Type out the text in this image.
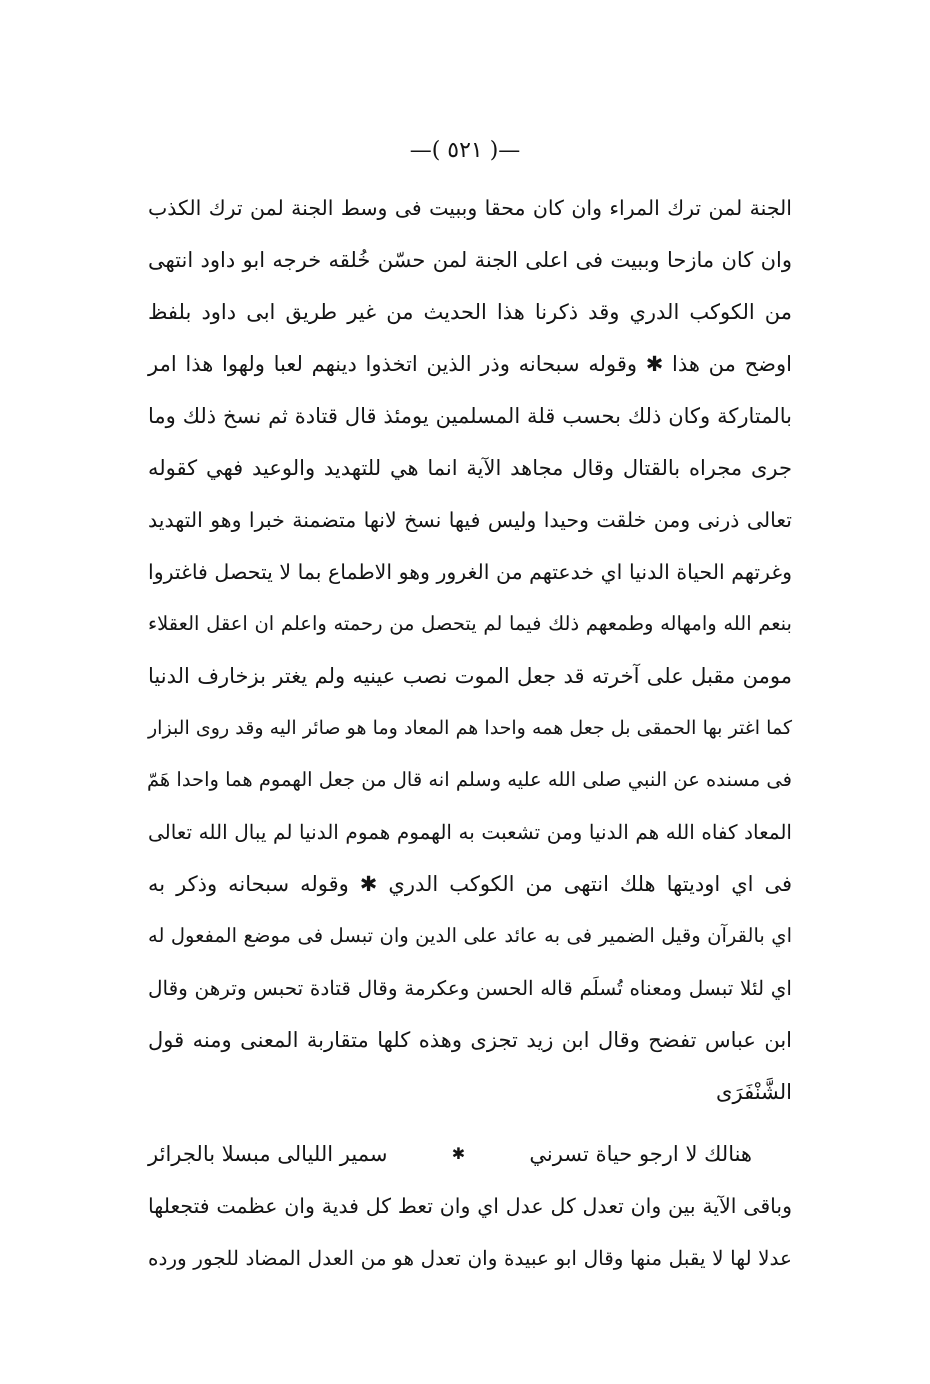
—( ٥٢١ )—
الجنة لمن ترك المراء وان كان محقا وببيت فى وسط الجنة لمن ترك الكذب
وان كان مازحا وببيت فى اعلى الجنة لمن حسّن خُلقه خرجه ابو داود انتهى
من الكوكب الدري وقد ذكرنا هذا الحديث من غير طريق ابى داود بلفظ
اوضح من هذا ✱ وقوله سبحانه وذر الذين اتخذوا دينهم لعبا ولهوا هذا امر
بالمتاركة وكان ذلك بحسب قلة المسلمين يومئذ قال قتادة ثم نسخ ذلك وما
جرى مجراه بالقتال وقال مجاهد الآية انما هي للتهديد والوعيد فهي كقوله
تعالى ذرنى ومن خلقت وحيدا وليس فيها نسخ لانها متضمنة خبرا وهو التهديد
وغرتهم الحياة الدنيا اي خدعتهم من الغرور وهو الاطماع بما لا يتحصل فاغتروا
بنعم الله وامهاله وطمعهم ذلك فيما لم يتحصل من رحمته واعلم ان اعقل العقلاء
مومن مقبل على آخرته قد جعل الموت نصب عينيه ولم يغتر بزخارف الدنيا
كما اغتر بها الحمقى بل جعل همه واحدا هم المعاد وما هو صائر اليه وقد روى البزار
فى مسنده عن النبي صلى الله عليه وسلم انه قال من جعل الهموم هما واحدا هَمّ
المعاد كفاه الله هم الدنيا ومن تشعبت به الهموم هموم الدنيا لم يبال الله تعالى
فى اي اوديتها هلك انتهى من الكوكب الدري ✱ وقوله سبحانه وذكر به
اي بالقرآن وقيل الضمير فى به عائد على الدين وان تبسل فى موضع المفعول له
اي لئلا تبسل ومعناه تُسلَم قاله الحسن وعكرمة وقال قتادة تحبس وترهن وقال
ابن عباس تفضح وقال ابن زيد تجزى وهذه كلها متقاربة المعنى ومنه قول
الشَّنْفَرَى
هنالك لا ارجو حياة تسرني
✱
سمير الليالى مبسلا بالجرائر
وباقى الآية بين وان تعدل كل عدل اي وان تعط كل فدية وان عظمت فتجعلها
عدلا لها لا يقبل منها وقال ابو عبيدة وان تعدل هو من العدل المضاد للجور ورده
